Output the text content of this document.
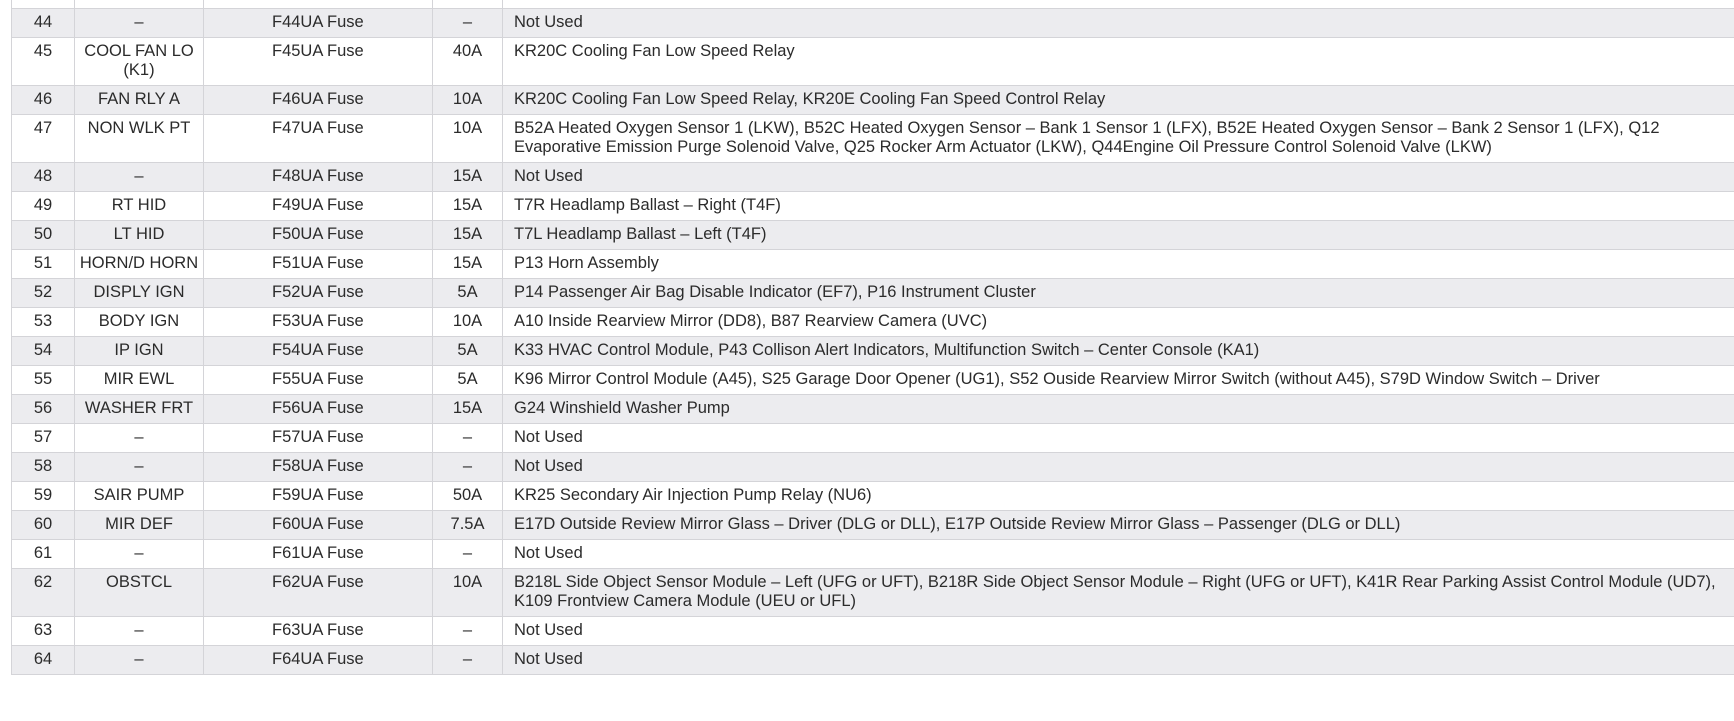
44	–	F44UA Fuse	–	Not Used
45	COOL FAN LO (K1)	F45UA Fuse	40A	KR20C Cooling Fan Low Speed Relay
46	FAN RLY A	F46UA Fuse	10A	KR20C Cooling Fan Low Speed Relay, KR20E Cooling Fan Speed Control Relay
47	NON WLK PT	F47UA Fuse	10A	B52A Heated Oxygen Sensor 1 (LKW), B52C Heated Oxygen Sensor – Bank 1 Sensor 1 (LFX), B52E Heated Oxygen Sensor – Bank 2 Sensor 1 (LFX), Q12 Evaporative Emission Purge Solenoid Valve, Q25 Rocker Arm Actuator (LKW), Q44Engine Oil Pressure Control Solenoid Valve (LKW)
48	–	F48UA Fuse	15A	Not Used
49	RT HID	F49UA Fuse	15A	T7R Headlamp Ballast – Right (T4F)
50	LT HID	F50UA Fuse	15A	T7L Headlamp Ballast – Left (T4F)
51	HORN/D HORN	F51UA Fuse	15A	P13 Horn Assembly
52	DISPLY IGN	F52UA Fuse	5A	P14 Passenger Air Bag Disable Indicator (EF7), P16 Instrument Cluster
53	BODY IGN	F53UA Fuse	10A	A10 Inside Rearview Mirror (DD8), B87 Rearview Camera (UVC)
54	IP IGN	F54UA Fuse	5A	K33 HVAC Control Module, P43 Collison Alert Indicators, Multifunction Switch – Center Console (KA1)
55	MIR EWL	F55UA Fuse	5A	K96 Mirror Control Module (A45), S25 Garage Door Opener (UG1), S52 Ouside Rearview Mirror Switch (without A45), S79D Window Switch – Driver
56	WASHER FRT	F56UA Fuse	15A	G24 Winshield Washer Pump
57	–	F57UA Fuse	–	Not Used
58	–	F58UA Fuse	–	Not Used
59	SAIR PUMP	F59UA Fuse	50A	KR25 Secondary Air Injection Pump Relay (NU6)
60	MIR DEF	F60UA Fuse	7.5A	E17D Outside Review Mirror Glass – Driver (DLG or DLL), E17P Outside Review Mirror Glass – Passenger (DLG or DLL)
61	–	F61UA Fuse	–	Not Used
62	OBSTCL	F62UA Fuse	10A	B218L Side Object Sensor Module – Left (UFG or UFT), B218R Side Object Sensor Module – Right (UFG or UFT), K41R Rear Parking Assist Control Module (UD7), K109 Frontview Camera Module (UEU or UFL)
63	–	F63UA Fuse	–	Not Used
64	–	F64UA Fuse	–	Not Used
